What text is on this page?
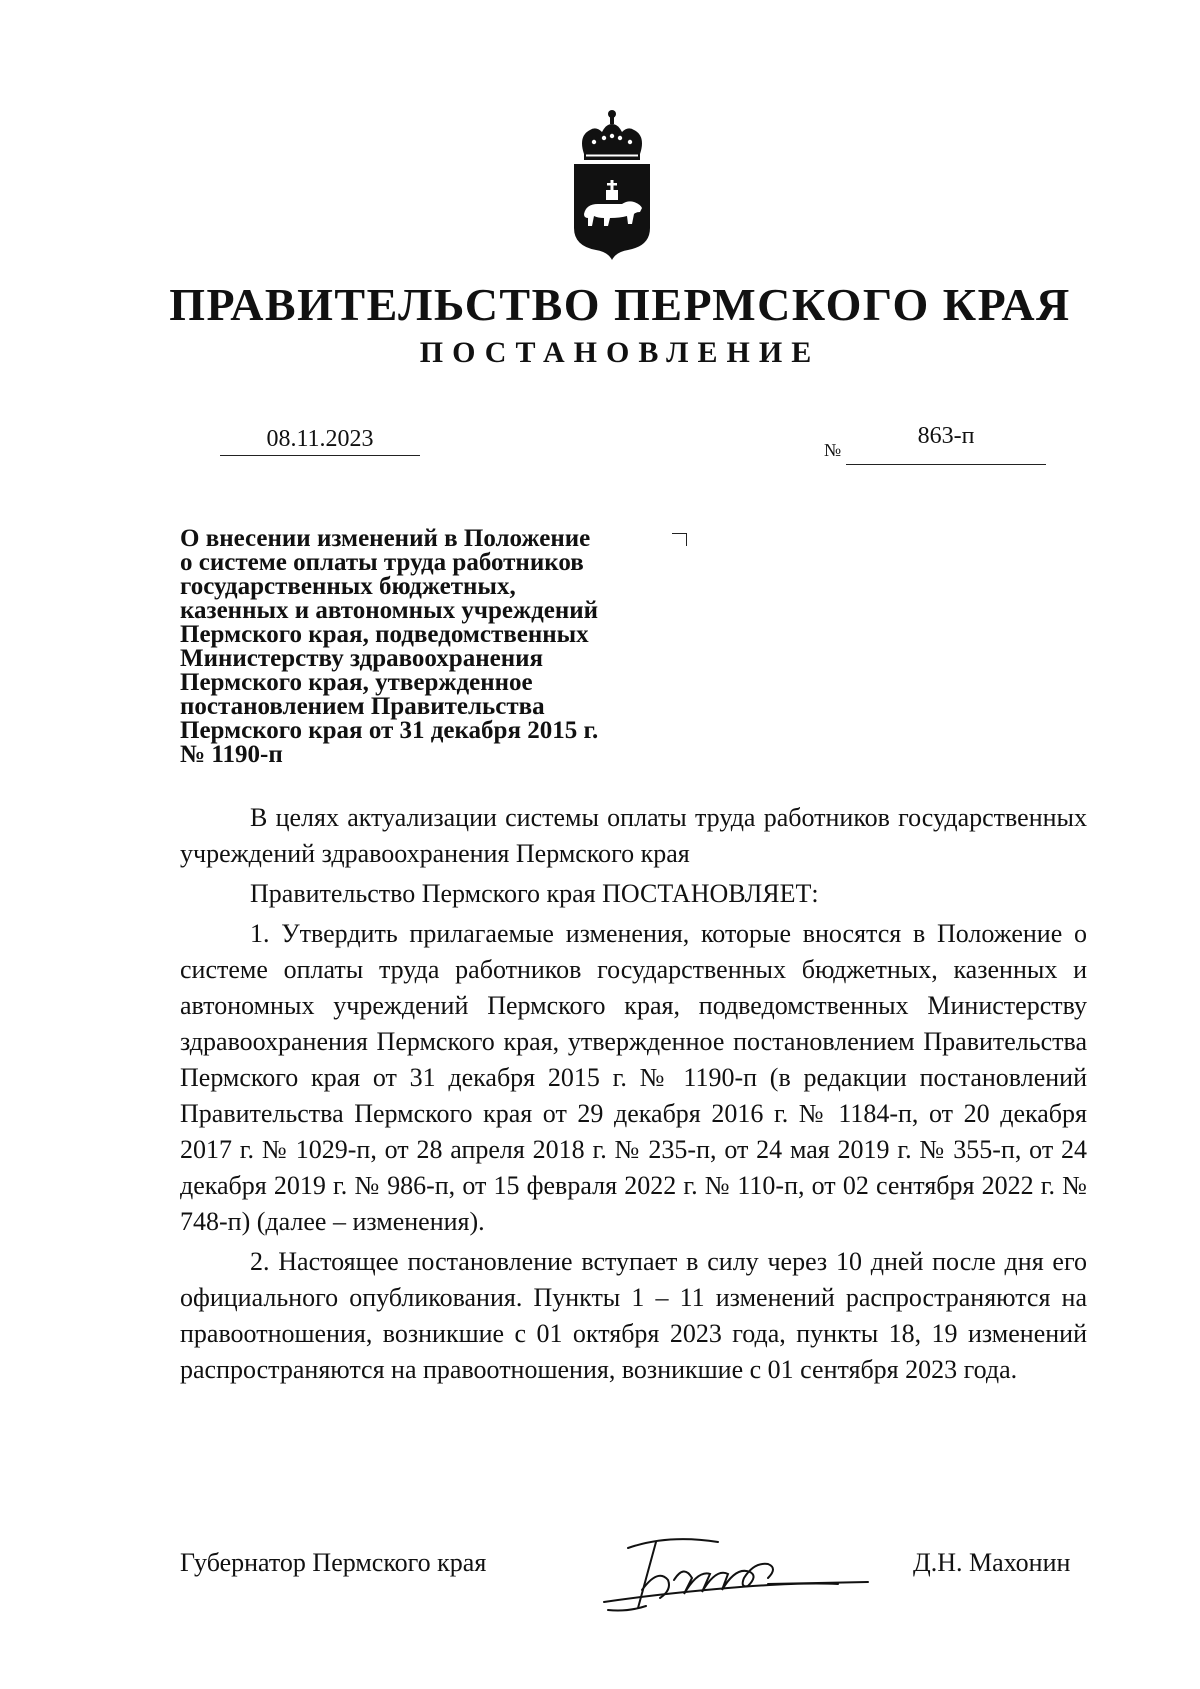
ПРАВИТЕЛЬСТВО ПЕРМСКОГО КРАЯ
ПОСТАНОВЛЕНИЕ
08.11.2023	№
863-п
О внесении изменений в Положение
о системе оплаты труда работников
государственных бюджетных,
казенных и автономных учреждений
Пермского края, подведомственных
Министерству здравоохранения
Пермского края, утвержденное
постановлением Правительства
Пермского края от 31 декабря 2015 г.
№ 1190-п

В целях актуализации системы оплаты труда работников государственных учреждений здравоохранения Пермского края

Правительство Пермского края ПОСТАНОВЛЯЕТ:

1. Утвердить прилагаемые изменения, которые вносятся в Положение о системе оплаты труда работников государственных бюджетных, казенных и автономных учреждений Пермского края, подведомственных Министерству здравоохранения Пермского края, утвержденное постановлением Правительства Пермского края от 31 декабря 2015 г. № 1190-п (в редакции постановлений Правительства Пермского края от 29 декабря 2016 г. № 1184-п, от 20 декабря 2017 г. № 1029-п, от 28 апреля 2018 г. № 235-п, от 24 мая 2019 г. № 355-п, от 24 декабря 2019 г. № 986-п, от 15 февраля 2022 г. № 110-п, от 02 сентября 2022 г. № 748-п) (далее – изменения).

2. Настоящее постановление вступает в силу через 10 дней после дня его официального опубликования. Пункты 1 – 11 изменений распространяются на правоотношения, возникшие с 01 октября 2023 года, пункты 18, 19 изменений распространяются на правоотношения, возникшие с 01 сентября 2023 года.

Губернатор Пермского края	Д.Н. Махонин
